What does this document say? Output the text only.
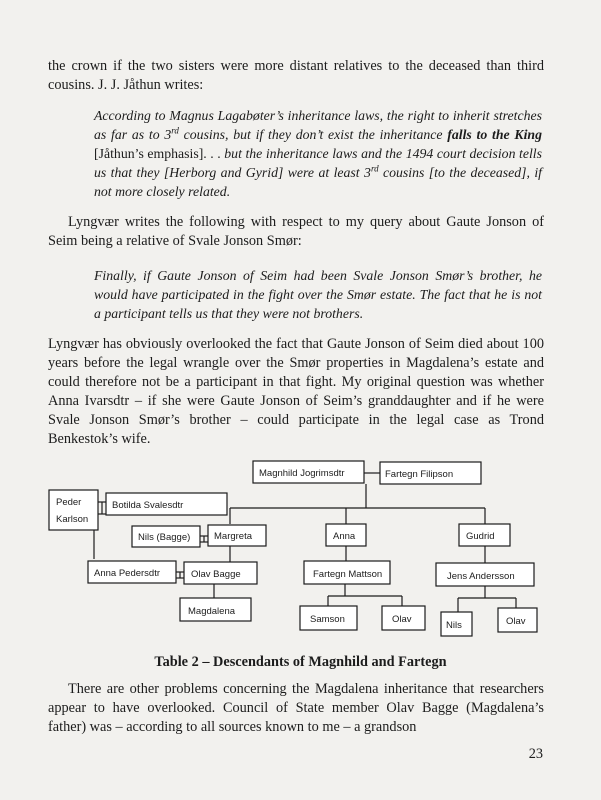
the crown if the two sisters were more distant relatives to the deceased than third cousins. J. J. Jåthun writes:

According to Magnus Lagabøter’s inheritance laws, the right to inherit stretches as far as to 3rd cousins, but if they don’t exist the inheritance falls to the King [Jåthun’s emphasis]. . . but the inheritance laws and the 1494 court decision tells us that they [Herborg and Gyrid] were at least 3rd cousins [to the deceased], if not more closely related.

Lyngvær writes the following with respect to my query about Gaute Jonson of Seim being a relative of Svale Jonson Smør:

Finally, if Gaute Jonson of Seim had been Svale Jonson Smør’s brother, he would have participated in the fight over the Smør estate. The fact that he is not a participant tells us that they were not brothers.

Lyngvær has obviously overlooked the fact that Gaute Jonson of Seim died about 100 years before the legal wrangle over the Smør properties in Magdalena’s estate and could therefore not be a participant in that fight. My original question was whether Anna Ivarsdtr – if she were Gaute Jonson of Seim’s granddaughter and if he were Svale Jonson Smør’s brother – could participate in the legal case as Trond Benkestok’s wife.

Magnhild Jogrimsdtr	Fartegn Filipson
Peder
Karlson
Botilda Svalesdtr
Nils (Bagge) Margreta	Anna	Gudrid
Anna Pedersdtr	Olav Bagge	Fartegn Mattson	Jens Andersson
Magdalena
Samson	Olav
Nils	Olav
Table 2 – Descendants of Magnhild and Fartegn

There are other problems concerning the Magdalena inheritance that researchers appear to have overlooked. Council of State member Olav Bagge (Magdalena’s father) was – according to all sources known to me – a grandson

23
